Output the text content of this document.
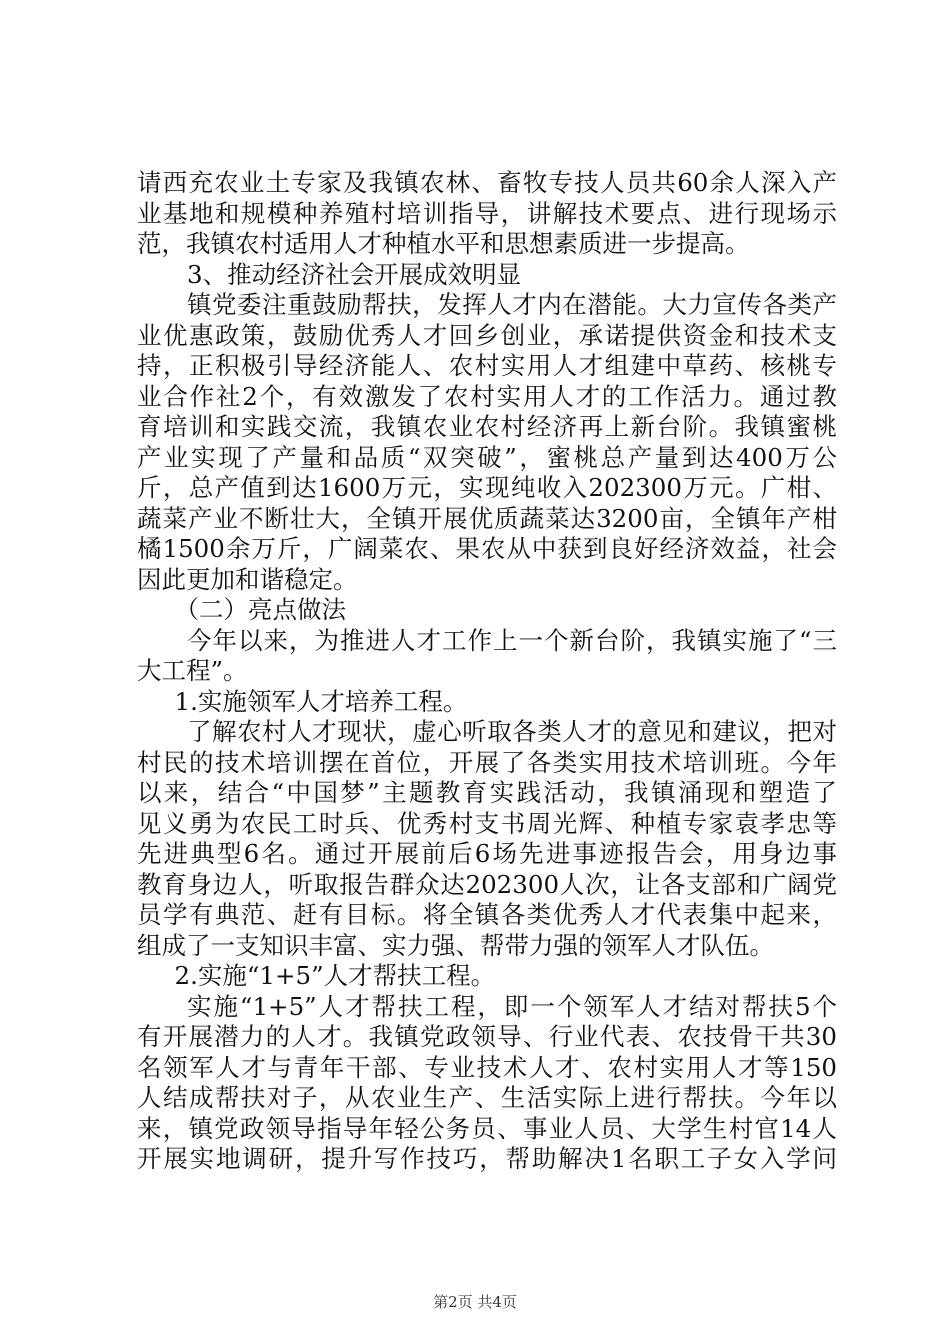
请西充农业土专家及我镇农林、畜牧专技人员共60余人深入产
业基地和规模种养殖村培训指导，讲解技术要点、进行现场示
范，我镇农村适用人才种植水平和思想素质进一步提高。
3、推动经济社会开展成效明显
镇党委注重鼓励帮扶，发挥人才内在潜能。大力宣传各类产
业优惠政策，鼓励优秀人才回乡创业，承诺提供资金和技术支
持，正积极引导经济能人、农村实用人才组建中草药、核桃专
业合作社2个，有效激发了农村实用人才的工作活力。通过教
育培训和实践交流，我镇农业农村经济再上新台阶。我镇蜜桃
产业实现了产量和品质“双突破”，蜜桃总产量到达400万公
斤，总产值到达1600万元，实现纯收入202300万元。广柑、
蔬菜产业不断壮大，全镇开展优质蔬菜达3200亩，全镇年产柑
橘1500余万斤，广阔菜农、果农从中获到良好经济效益，社会
因此更加和谐稳定。
（二）亮点做法
今年以来，为推进人才工作上一个新台阶，我镇实施了“三
大工程”。
1.实施领军人才培养工程。
了解农村人才现状，虚心听取各类人才的意见和建议，把对
村民的技术培训摆在首位，开展了各类实用技术培训班。今年
以来，结合“中国梦”主题教育实践活动，我镇涌现和塑造了
见义勇为农民工时兵、优秀村支书周光辉、种植专家袁孝忠等
先进典型6名。通过开展前后6场先进事迹报告会，用身边事
教育身边人，听取报告群众达202300人次，让各支部和广阔党
员学有典范、赶有目标。将全镇各类优秀人才代表集中起来，
组成了一支知识丰富、实力强、帮带力强的领军人才队伍。
2.实施“1+5”人才帮扶工程。
实施“1+5”人才帮扶工程，即一个领军人才结对帮扶5个
有开展潜力的人才。我镇党政领导、行业代表、农技骨干共30
名领军人才与青年干部、专业技术人才、农村实用人才等150
人结成帮扶对子，从农业生产、生活实际上进行帮扶。今年以
来，镇党政领导指导年轻公务员、事业人员、大学生村官14人
开展实地调研，提升写作技巧，帮助解决1名职工子女入学问
第2页 共4页
